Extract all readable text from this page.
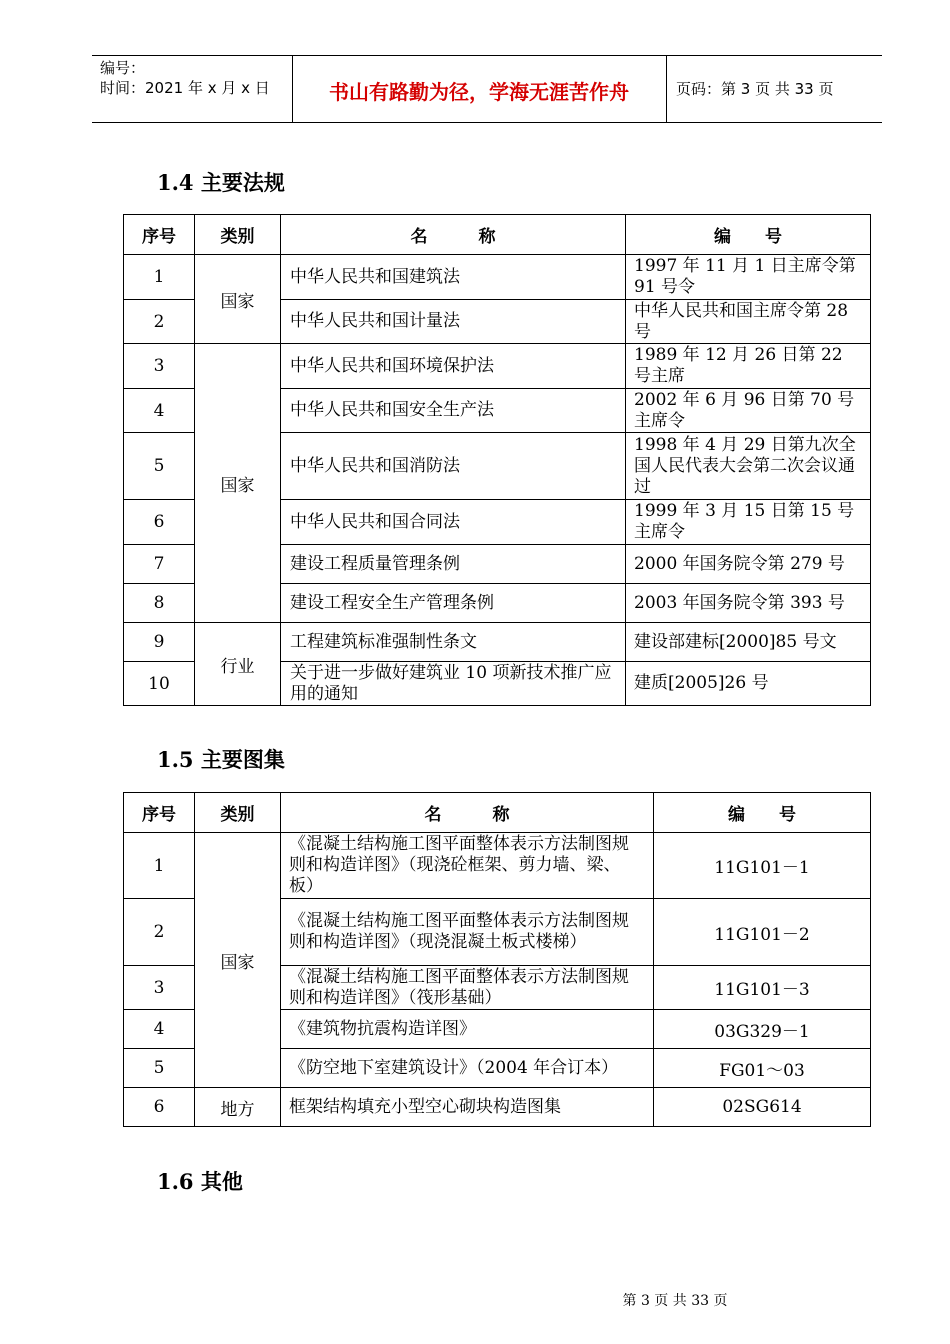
编号：
时间：2021 年 x 月 x 日	书山有路勤为径，学海无涯苦作舟	页码：第 3 页 共 33 页
1.4 主要法规
序号	类别	名　　　称	编　　号
1	国家	中华人民共和国建筑法	1997 年 11 月 1 日主席令第 91 号令
2		中华人民共和国计量法	中华人民共和国主席令第 28 号
3	国家	中华人民共和国环境保护法	1989 年 12 月 26 日第 22 号主席
4		中华人民共和国安全生产法	2002 年 6 月 96 日第 70 号主席令
5		中华人民共和国消防法	1998 年 4 月 29 日第九次全国人民代表大会第二次会议通过
6		中华人民共和国合同法	1999 年 3 月 15 日第 15 号主席令
7		建设工程质量管理条例	2000 年国务院令第 279 号
8		建设工程安全生产管理条例	2003 年国务院令第 393 号
9	行业	工程建筑标准强制性条文	建设部建标[2000]85 号文
10		关于进一步做好建筑业 10 项新技术推广应用的通知	建质[2005]26 号
1.5 主要图集
序号	类别	名　　　称	编　　号
1	国家	《混凝土结构施工图平面整体表示方法制图规则和构造详图》（现浇砼框架、剪力墙、梁、板）	11G101－1
2		《混凝土结构施工图平面整体表示方法制图规则和构造详图》（现浇混凝土板式楼梯）	11G101－2
3		《混凝土结构施工图平面整体表示方法制图规则和构造详图》（筏形基础）	11G101－3
4		《建筑物抗震构造详图》	03G329－1
5		《防空地下室建筑设计》（2004 年合订本）	FG01～03
6	地方	框架结构填充小型空心砌块构造图集	02SG614
1.6 其他
第 3 页 共 33 页
